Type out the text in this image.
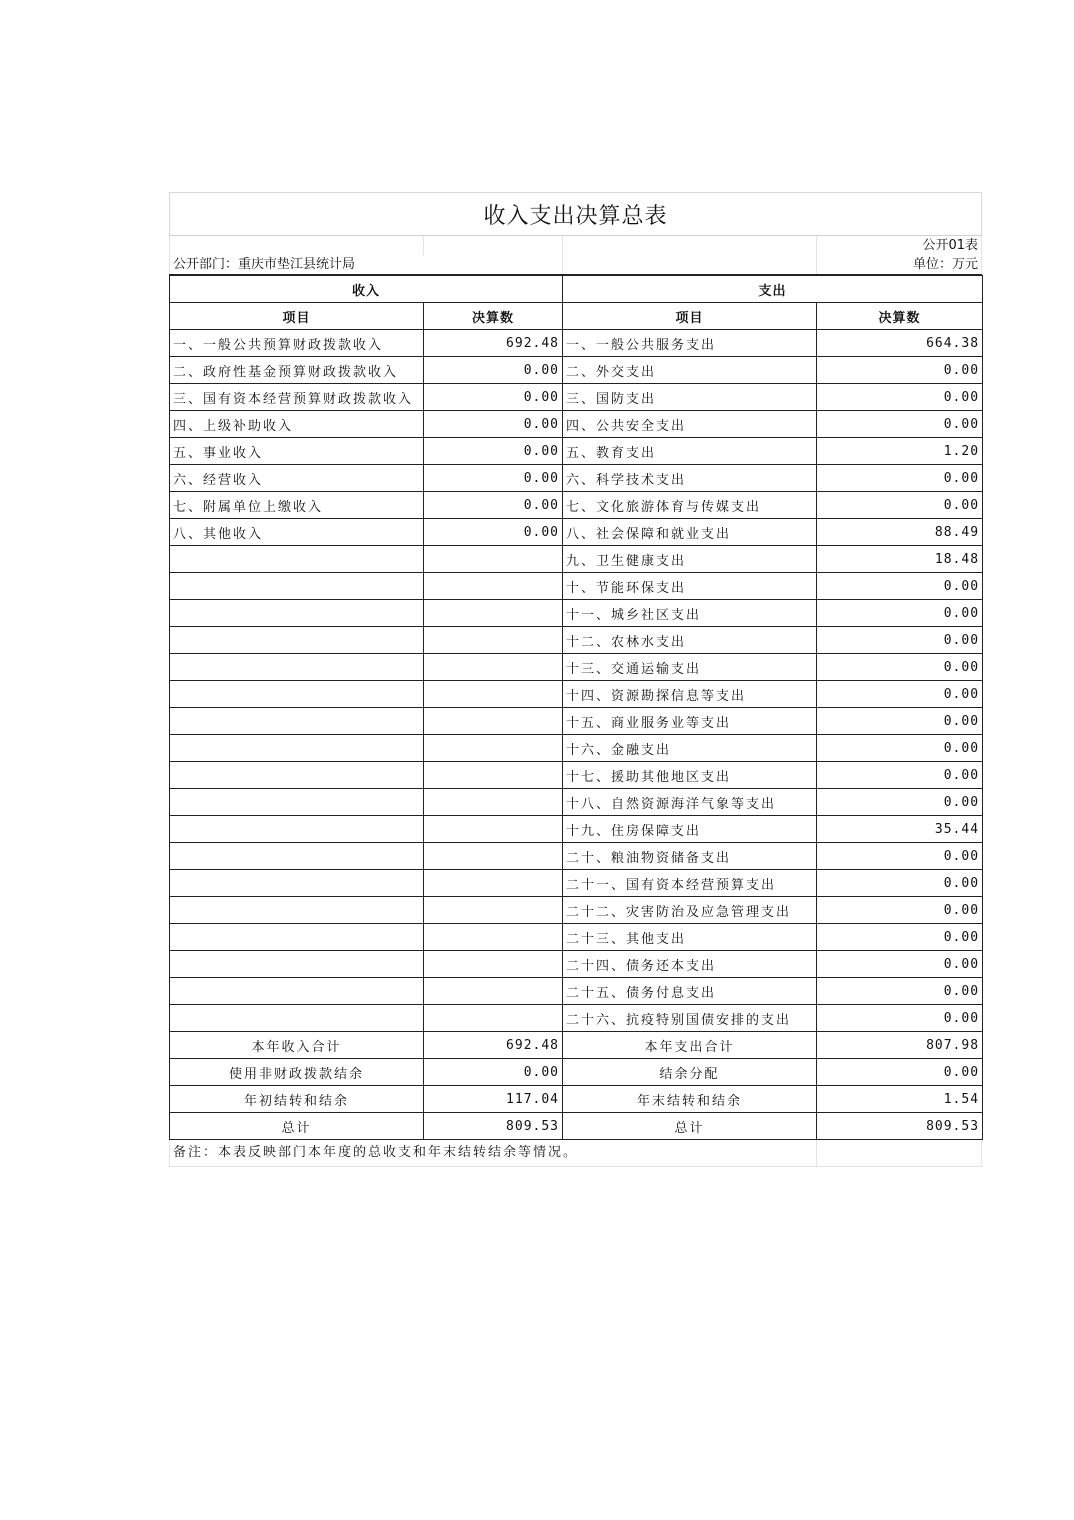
收入支出决算总表
公开01表
公开部门：重庆市垫江县统计局	单位：万元
收入		支出	
项目	决算数	项目	决算数
一、一般公共预算财政拨款收入	692.48	一、一般公共服务支出	664.38
二、政府性基金预算财政拨款收入	0.00	二、外交支出	0.00
三、国有资本经营预算财政拨款收入	0.00	三、国防支出	0.00
四、上级补助收入	0.00	四、公共安全支出	0.00
五、事业收入	0.00	五、教育支出	1.20
六、经营收入	0.00	六、科学技术支出	0.00
七、附属单位上缴收入	0.00	七、文化旅游体育与传媒支出	0.00
八、其他收入	0.00	八、社会保障和就业支出	88.49
		九、卫生健康支出	18.48
		十、节能环保支出	0.00
		十一、城乡社区支出	0.00
		十二、农林水支出	0.00
		十三、交通运输支出	0.00
		十四、资源勘探信息等支出	0.00
		十五、商业服务业等支出	0.00
		十六、金融支出	0.00
		十七、援助其他地区支出	0.00
		十八、自然资源海洋气象等支出	0.00
		十九、住房保障支出	35.44
		二十、粮油物资储备支出	0.00
		二十一、国有资本经营预算支出	0.00
		二十二、灾害防治及应急管理支出	0.00
		二十三、其他支出	0.00
		二十四、债务还本支出	0.00
		二十五、债务付息支出	0.00
		二十六、抗疫特别国债安排的支出	0.00
本年收入合计	692.48	本年支出合计	807.98
使用非财政拨款结余	0.00	结余分配	0.00
年初结转和结余	117.04	年末结转和结余	1.54
总计	809.53	总计	809.53
备注：本表反映部门本年度的总收支和年末结转结余等情况。
